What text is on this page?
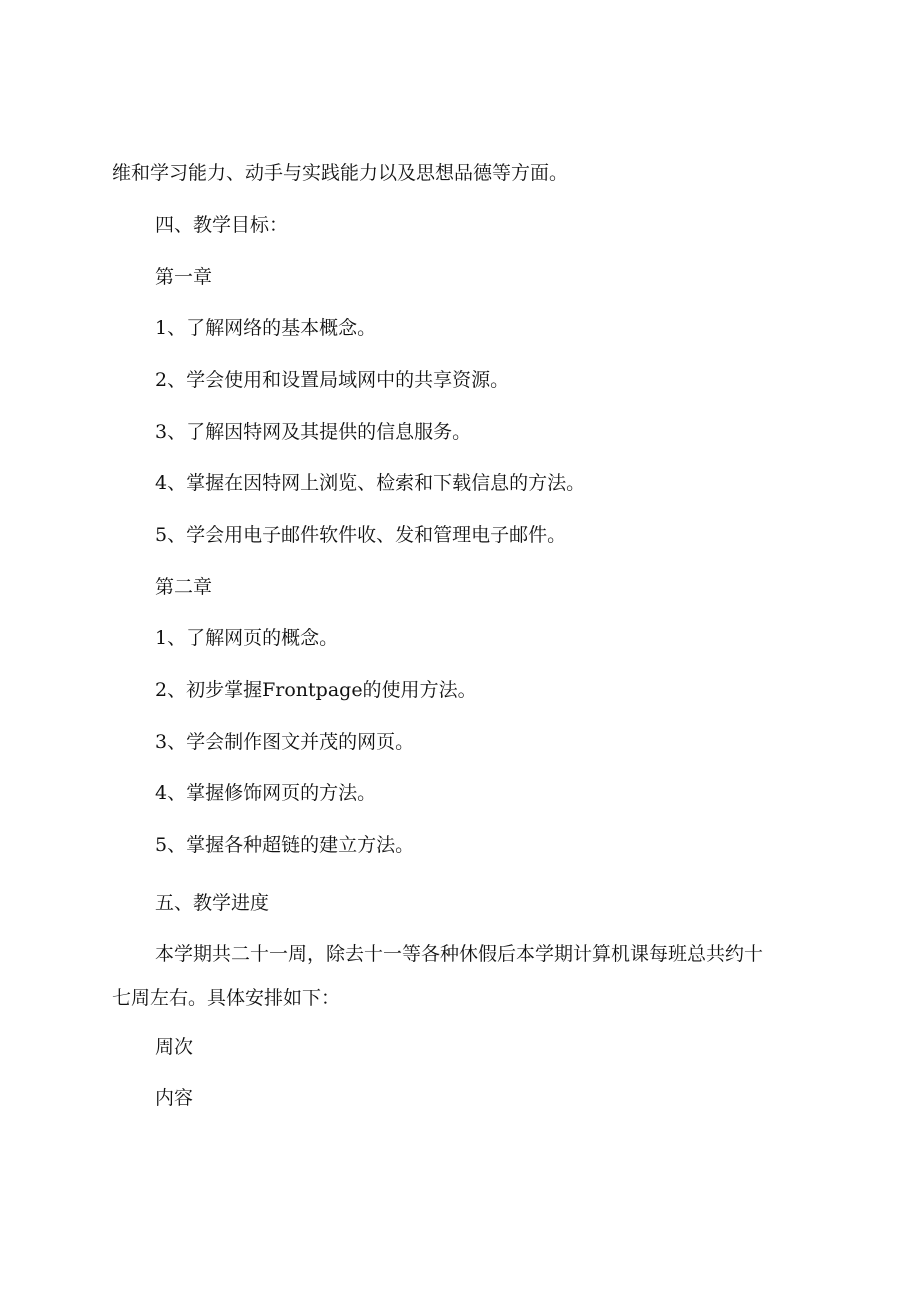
维和学习能力、动手与实践能力以及思想品德等方面。

四、教学目标：

第一章

1、了解网络的基本概念。

2、学会使用和设置局域网中的共享资源。

3、了解因特网及其提供的信息服务。

4、掌握在因特网上浏览、检索和下载信息的方法。

5、学会用电子邮件软件收、发和管理电子邮件。

第二章

1、了解网页的概念。

2、初步掌握Frontpage的使用方法。

3、学会制作图文并茂的网页。

4、掌握修饰网页的方法。

5、掌握各种超链的建立方法。

五、教学进度

本学期共二十一周，除去十一等各种休假后本学期计算机课每班总共约十

七周左右。具体安排如下：

周次

内容
